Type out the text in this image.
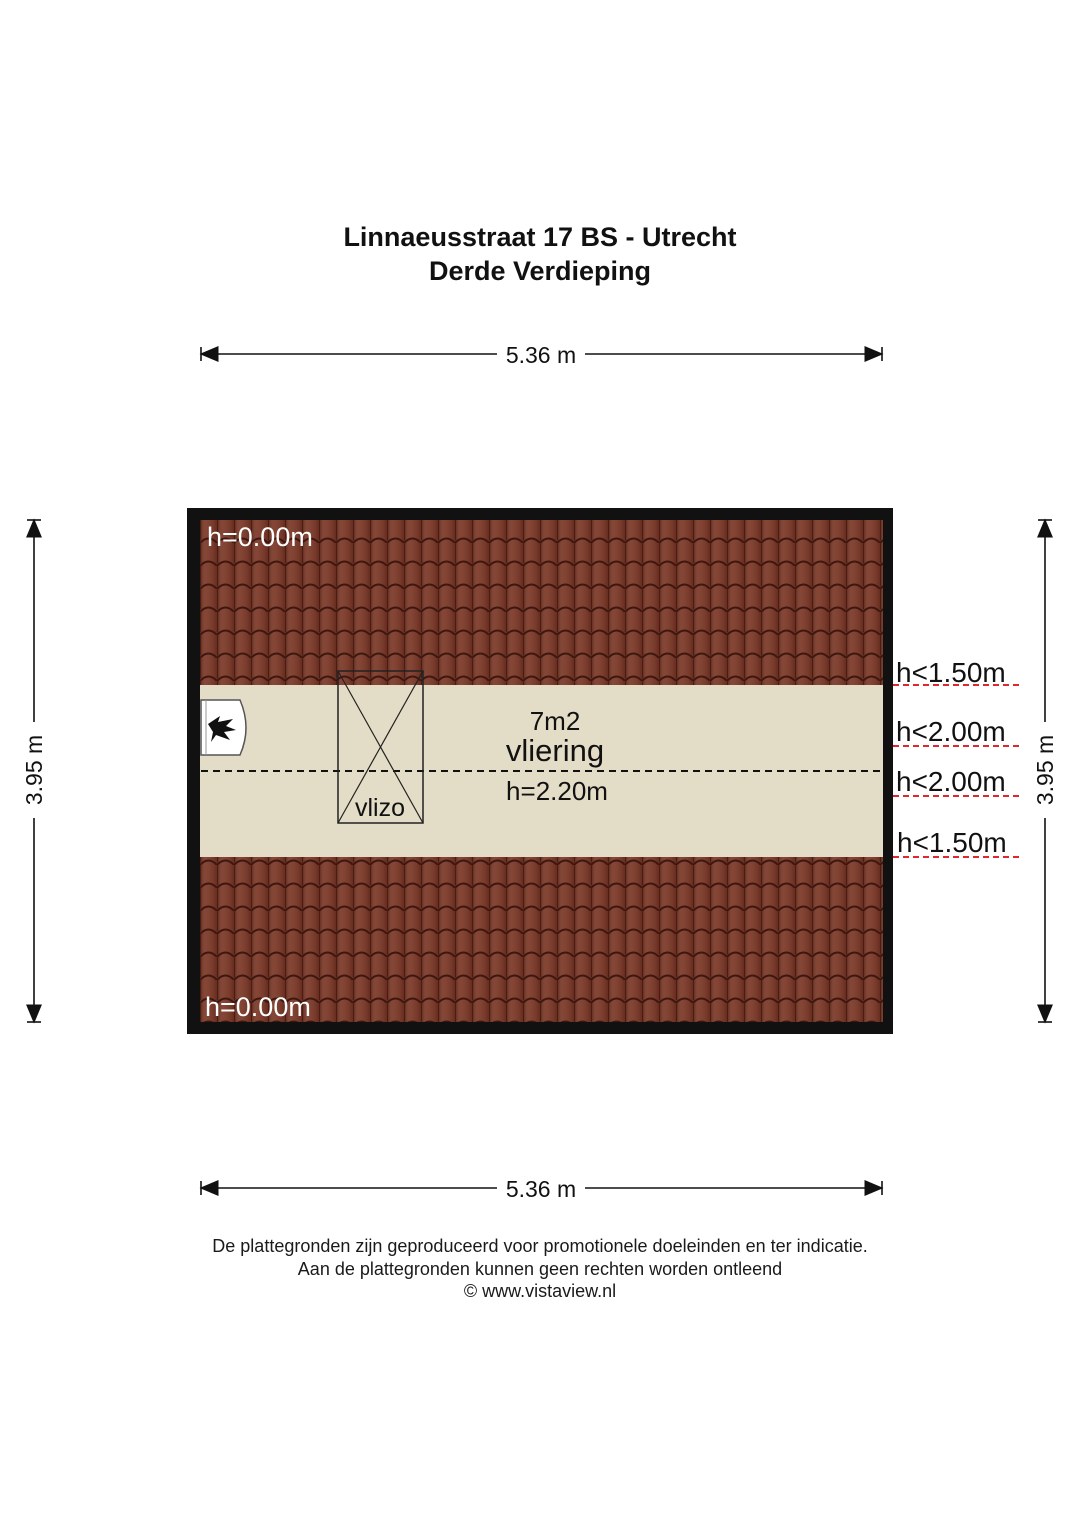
Linnaeusstraat 17 BS - Utrecht
Derde Verdieping
5.36 m
5.36 m
3.95 m	3.95 m
vlizo
7m2
vliering
h=2.20m
h=0.00m
h=0.00m
h<1.50m
h<2.00m
h<2.00m
h<1.50m
De plattegronden zijn geproduceerd voor promotionele doeleinden en ter indicatie.
Aan de plattegronden kunnen geen rechten worden ontleend
© www.vistaview.nl
